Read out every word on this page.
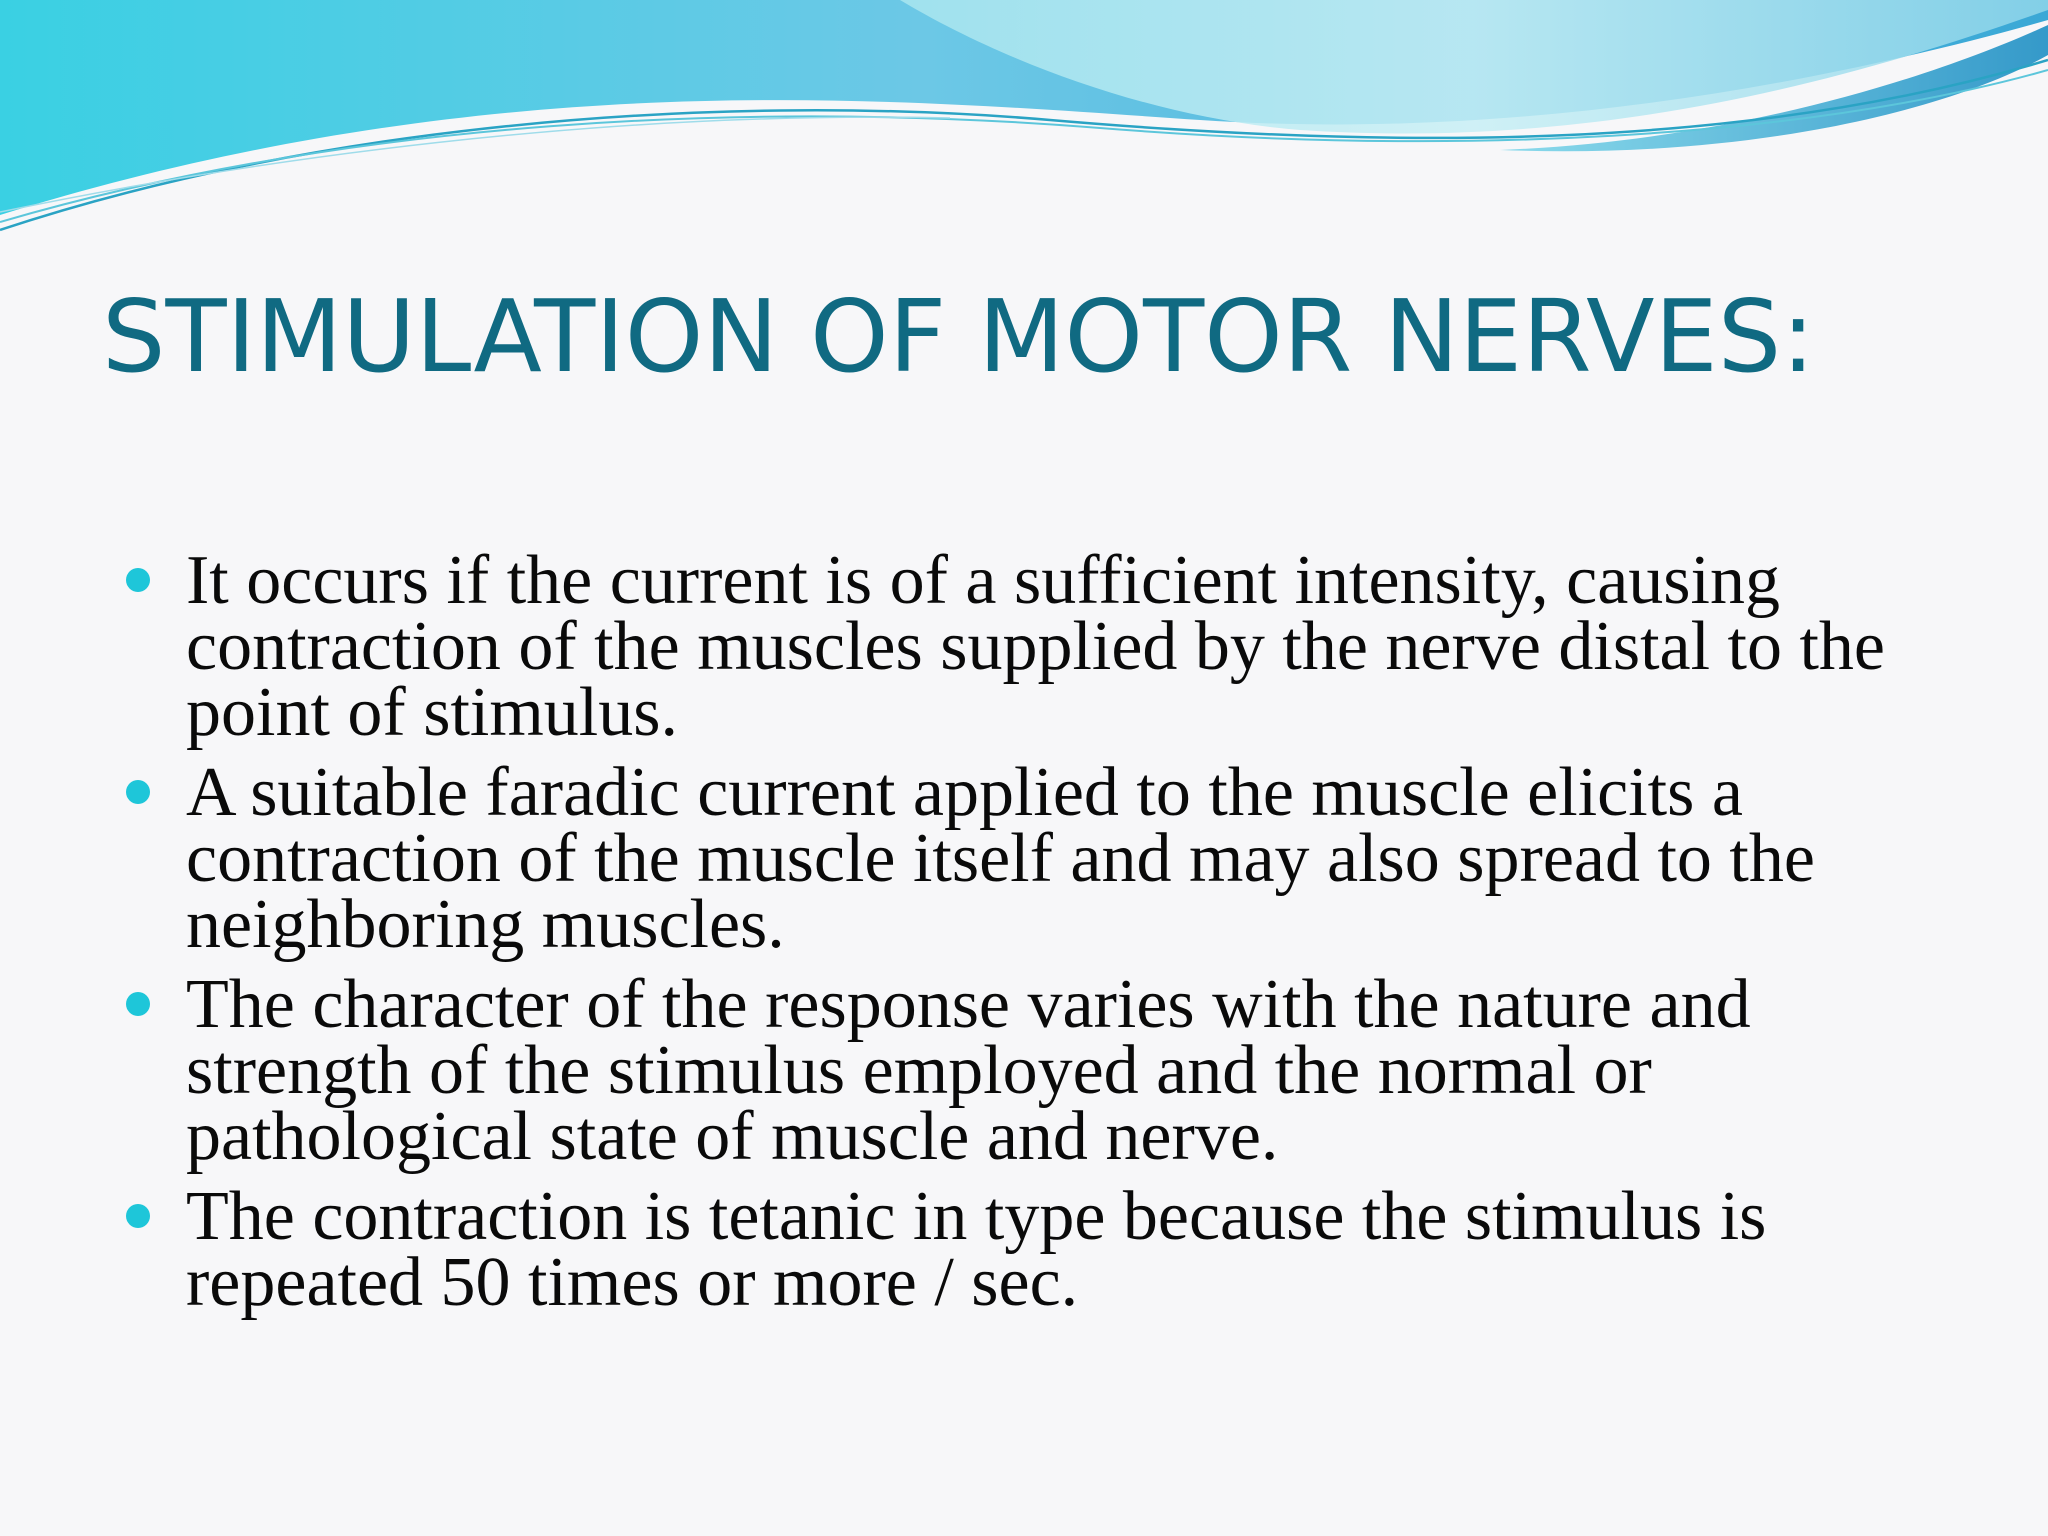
STIMULATION OF MOTOR NERVES:
It occurs if the current is of a sufficient intensity, causing contraction of the muscles supplied by the nerve distal to the point of stimulus.
A suitable faradic current applied to the muscle elicits a contraction of the muscle itself and may also spread to the neighboring muscles.
The character of the response varies with the nature and strength of the stimulus employed and the normal or pathological state of muscle and nerve.
The contraction is tetanic in type because the stimulus is repeated 50 times or more / sec.
